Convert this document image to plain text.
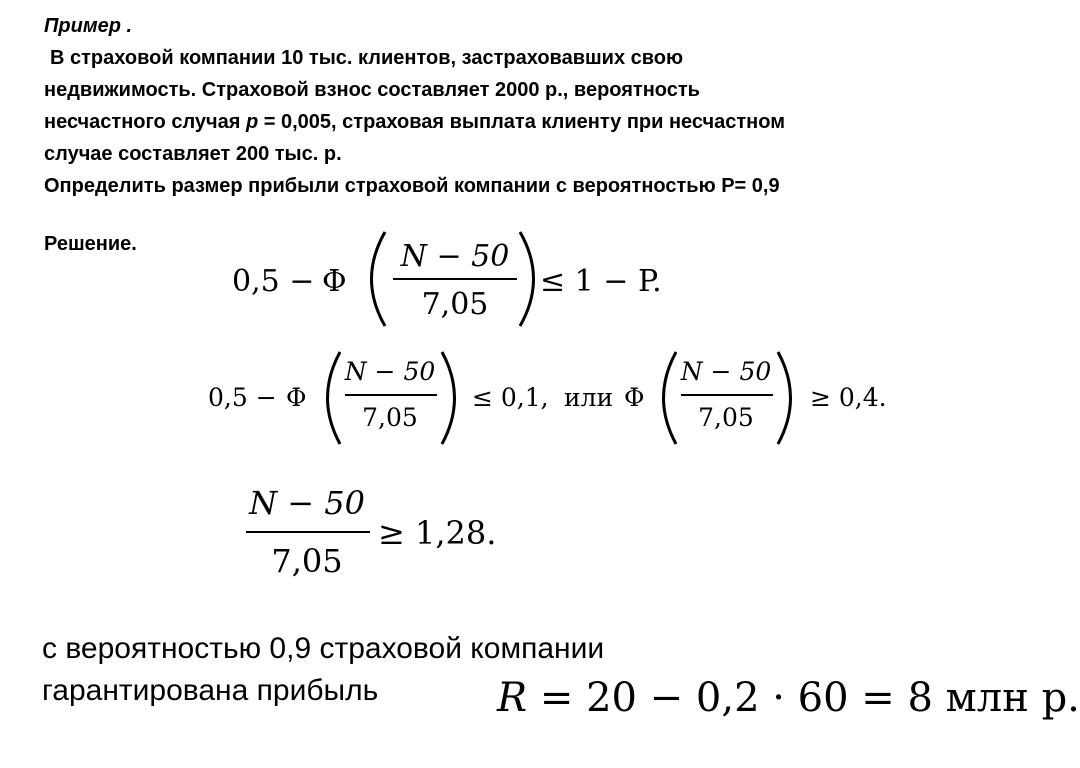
Пример .
В страховой компании 10 тыс. клиентов, застраховавших свою
недвижимость. Страховой взнос составляет 2000 р., вероятность
несчастного случая p = 0,005, страховая выплата клиенту при несчастном
случае составляет 200 тыс. р.
Определить размер прибыли страховой компании с вероятностью Р= 0,9
Решение.
0,5 − Φ
N − 50
7,05
≤ 1 − P.
0,5 − Φ
N − 50
7,05
≤ 0,1, или Φ
N − 50
7,05
≥ 0,4.
N − 50
7,05
≥ 1,28.
с вероятностью 0,9 страховой компании
гарантирована прибыль	R = 20 − 0,2 · 60 = 8 млн р.
